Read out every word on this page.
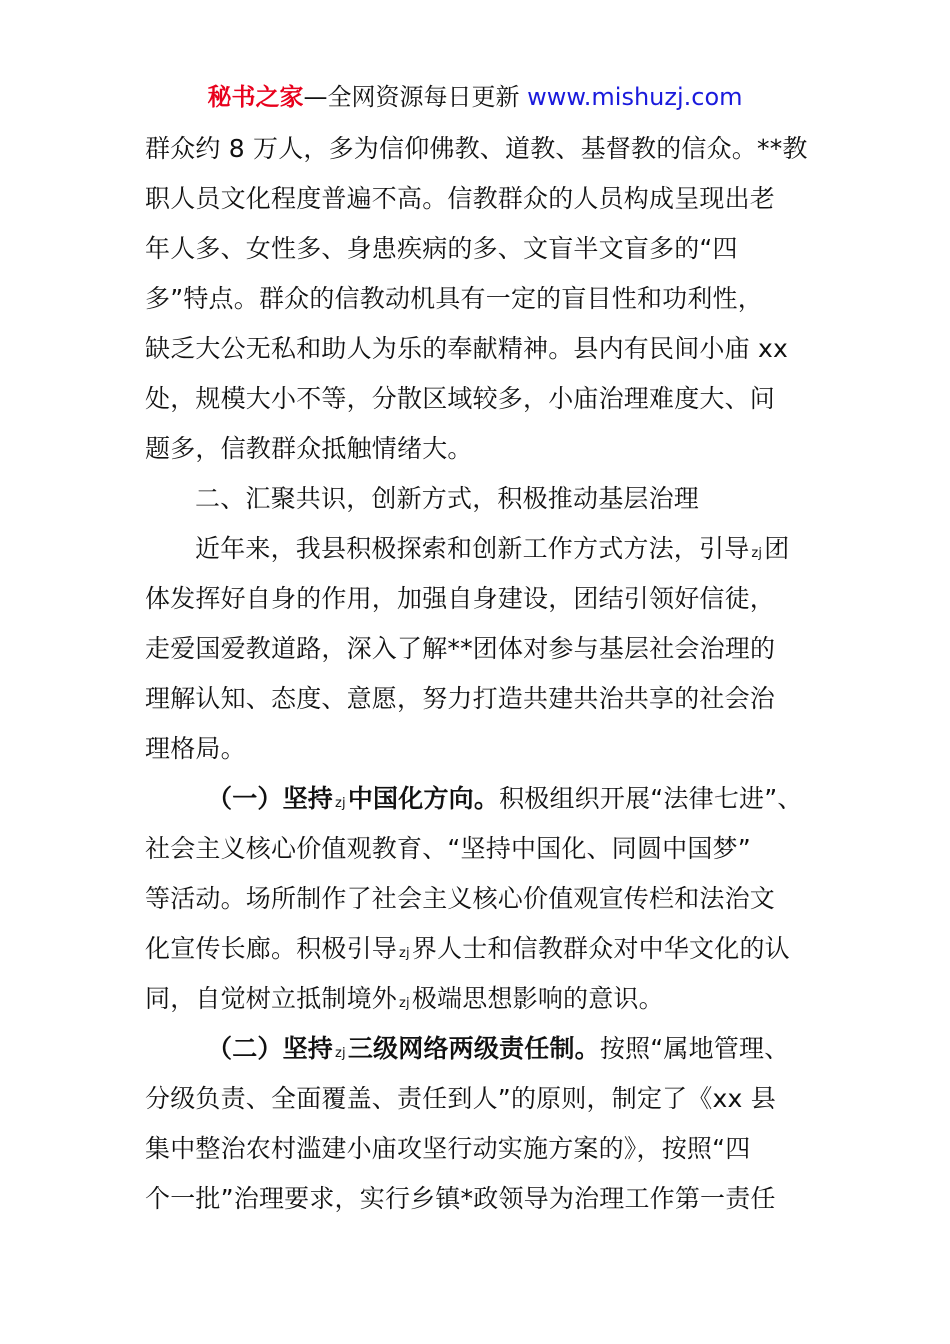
秘书之家—全网资源每日更新 www.mishuzj.com
群众约 8 万人，多为信仰佛教、道教、基督教的信众。**教
职人员文化程度普遍不高。信教群众的人员构成呈现出老
年人多、女性多、身患疾病的多、文盲半文盲多的“四
多”特点。群众的信教动机具有一定的盲目性和功利性，
缺乏大公无私和助人为乐的奉献精神。县内有民间小庙 xx
处，规模大小不等，分散区域较多，小庙治理难度大、问
题多，信教群众抵触情绪大。
二、汇聚共识，创新方式，积极推动基层治理
近年来，我县积极探索和创新工作方式方法，引导 zj团
体发挥好自身的作用，加强自身建设，团结引领好信徒，
走爱国爱教道路，深入了解**团体对参与基层社会治理的
理解认知、态度、意愿，努力打造共建共治共享的社会治
理格局。
（一）坚持 zj中国化方向。积极组织开展“法律七进”、
社会主义核心价值观教育、“坚持中国化、同圆中国梦”
等活动。场所制作了社会主义核心价值观宣传栏和法治文
化宣传长廊。积极引导 zj界人士和信教群众对中华文化的认
同，自觉树立抵制境外 zj极端思想影响的意识。
（二）坚持 zj三级网络两级责任制。按照“属地管理、
分级负责、全面覆盖、责任到人”的原则，制定了《xx 县
集中整治农村滥建小庙攻坚行动实施方案的》，按照“四
个一批”治理要求，实行乡镇*政领导为治理工作第一责任
